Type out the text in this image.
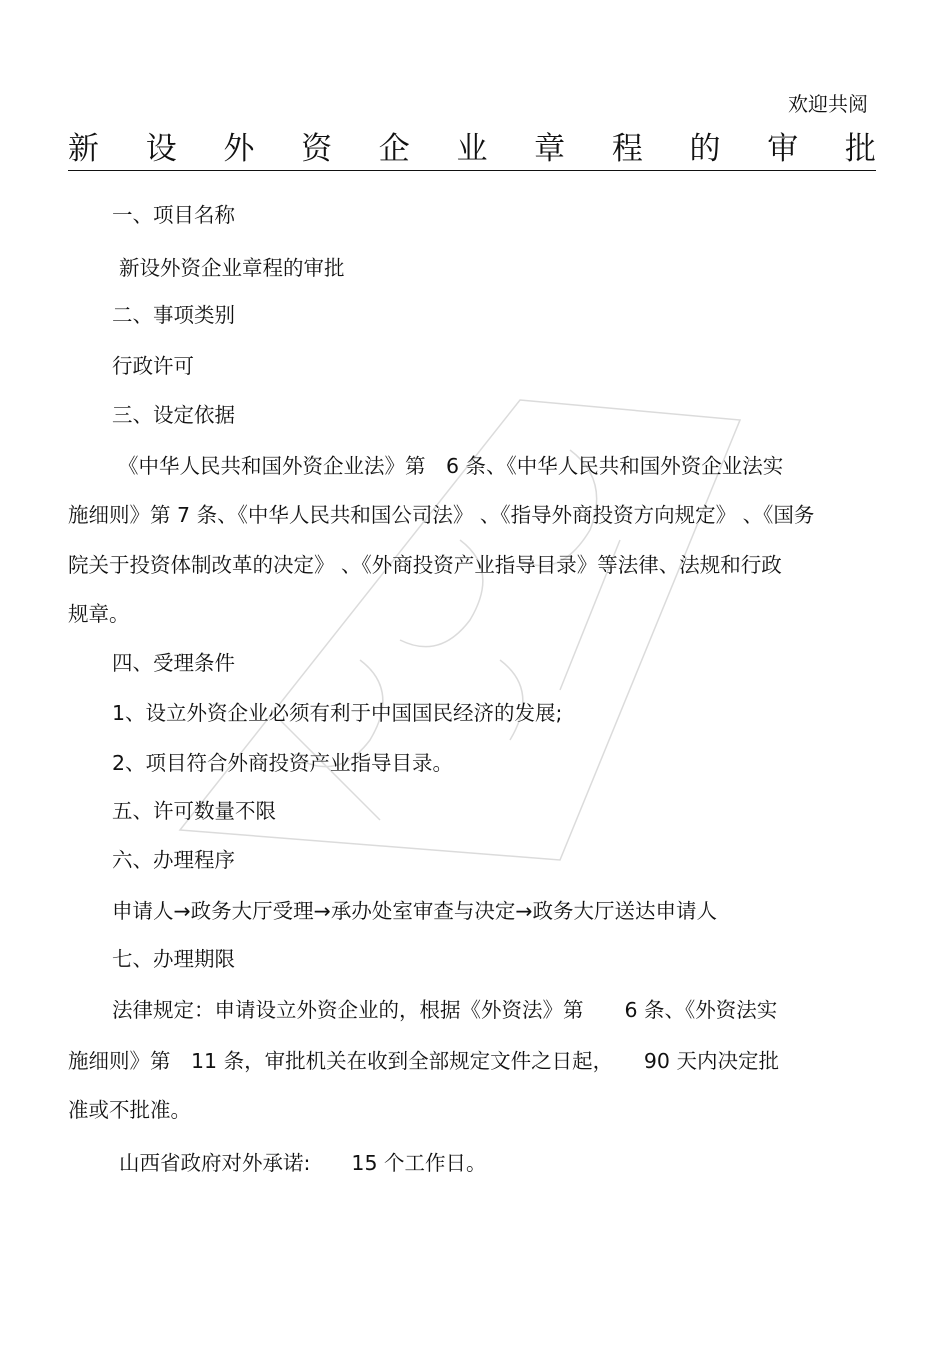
欢迎共阅
新 设 外 资 企 业 章 程 的 审 批
一、项目名称
新设外资企业章程的审批
二、事项类别
行政许可
三、设定依据
《中华人民共和国外资企业法》第　6 条、《中华人民共和国外资企业法实
施细则》第 7 条、《中华人民共和国公司法》 、《指导外商投资方向规定》 、《国务
院关于投资体制改革的决定》 、《外商投资产业指导目录》等法律、法规和行政
规章。
四、受理条件
1、设立外资企业必须有利于中国国民经济的发展;
2、项目符合外商投资产业指导目录。
五、许可数量不限
六、办理程序
申请人→政务大厅受理→承办处室审查与决定→政务大厅送达申请人
七、办理期限
法律规定：申请设立外资企业的，根据《外资法》第　　6 条、《外资法实
施细则》第　11 条，审批机关在收到全部规定文件之日起，　　90 天内决定批
准或不批准。
山西省政府对外承诺:　　15 个工作日。
